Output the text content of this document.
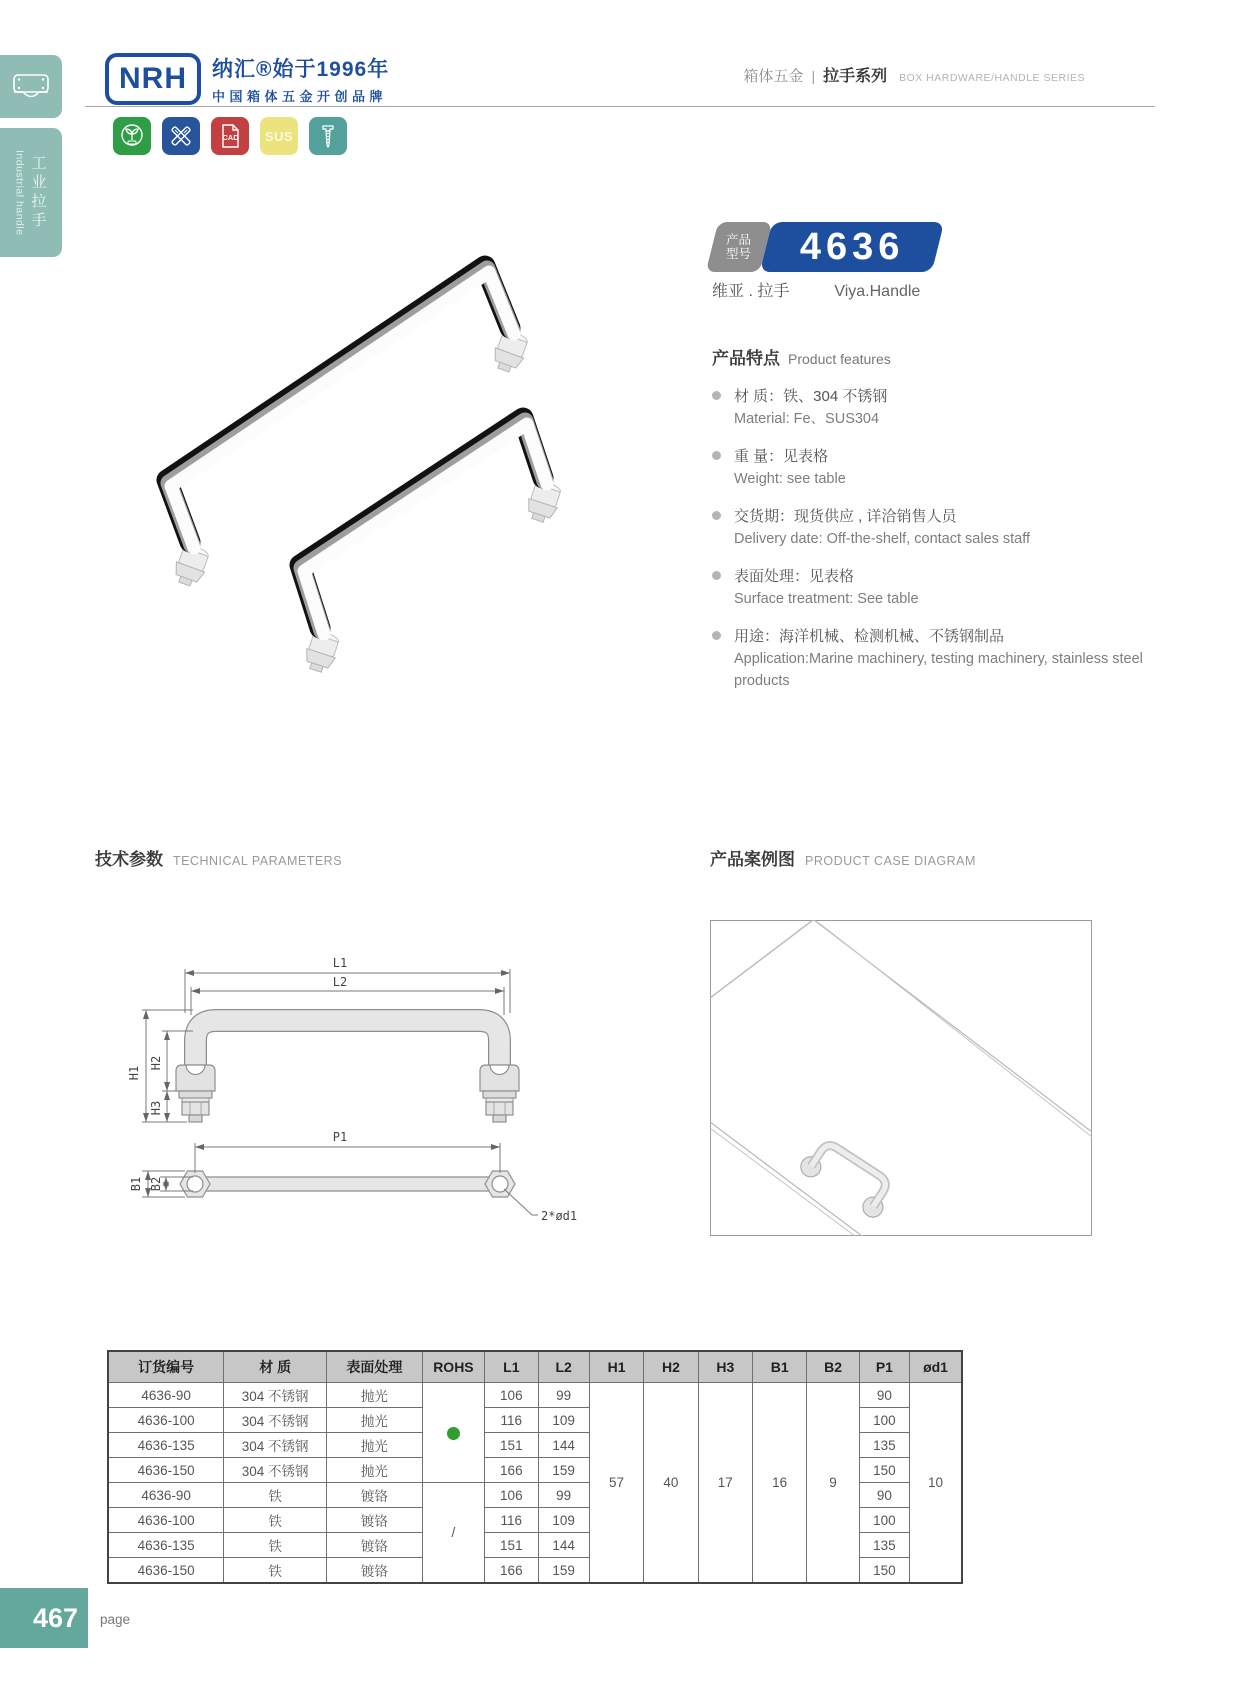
工业拉手
Industrial handle
NRH 纳汇®始于1996年
中国箱体五金开创品牌
箱体五金 | 拉手系列 BOX HARDWARE/HANDLE SERIES
CAD SUS
产品
型号 4636
维亚 . 拉手	Viya.Handle
产品特点 Product features
材 质：铁、304 不锈钢
Material: Fe、SUS304
重 量：见表格
Weight: see table
交货期：现货供应 , 详洽销售人员
Delivery date: Off-the-shelf, contact sales staff
表面处理：见表格
Surface treatment: See table
用途：海洋机械、检测机械、不锈钢制品
Application:Marine machinery, testing machinery, stainless steel products
技术参数 TECHNICAL PARAMETERS	产品案例图 PRODUCT CASE DIAGRAM
L1
L2
H1
H2
H3
P1
B1 B2
2*ød1
订货编号	材 质	表面处理	ROHS	L1	L2	H1	H2	H3	B1	B2	P1	ød1
4636-90	304 不锈钢	抛光		106	99	57	40	17	16	9	90	10
4636-100	304 不锈钢	抛光		116	109						100	
4636-135	304 不锈钢	抛光		151	144						135	
4636-150	304 不锈钢	抛光		166	159						150	
4636-90	铁	镀铬	/	106	99						90	
4636-100	铁	镀铬		116	109						100	
4636-135	铁	镀铬		151	144						135	
4636-150	铁	镀铬		166	159						150	
467 page
